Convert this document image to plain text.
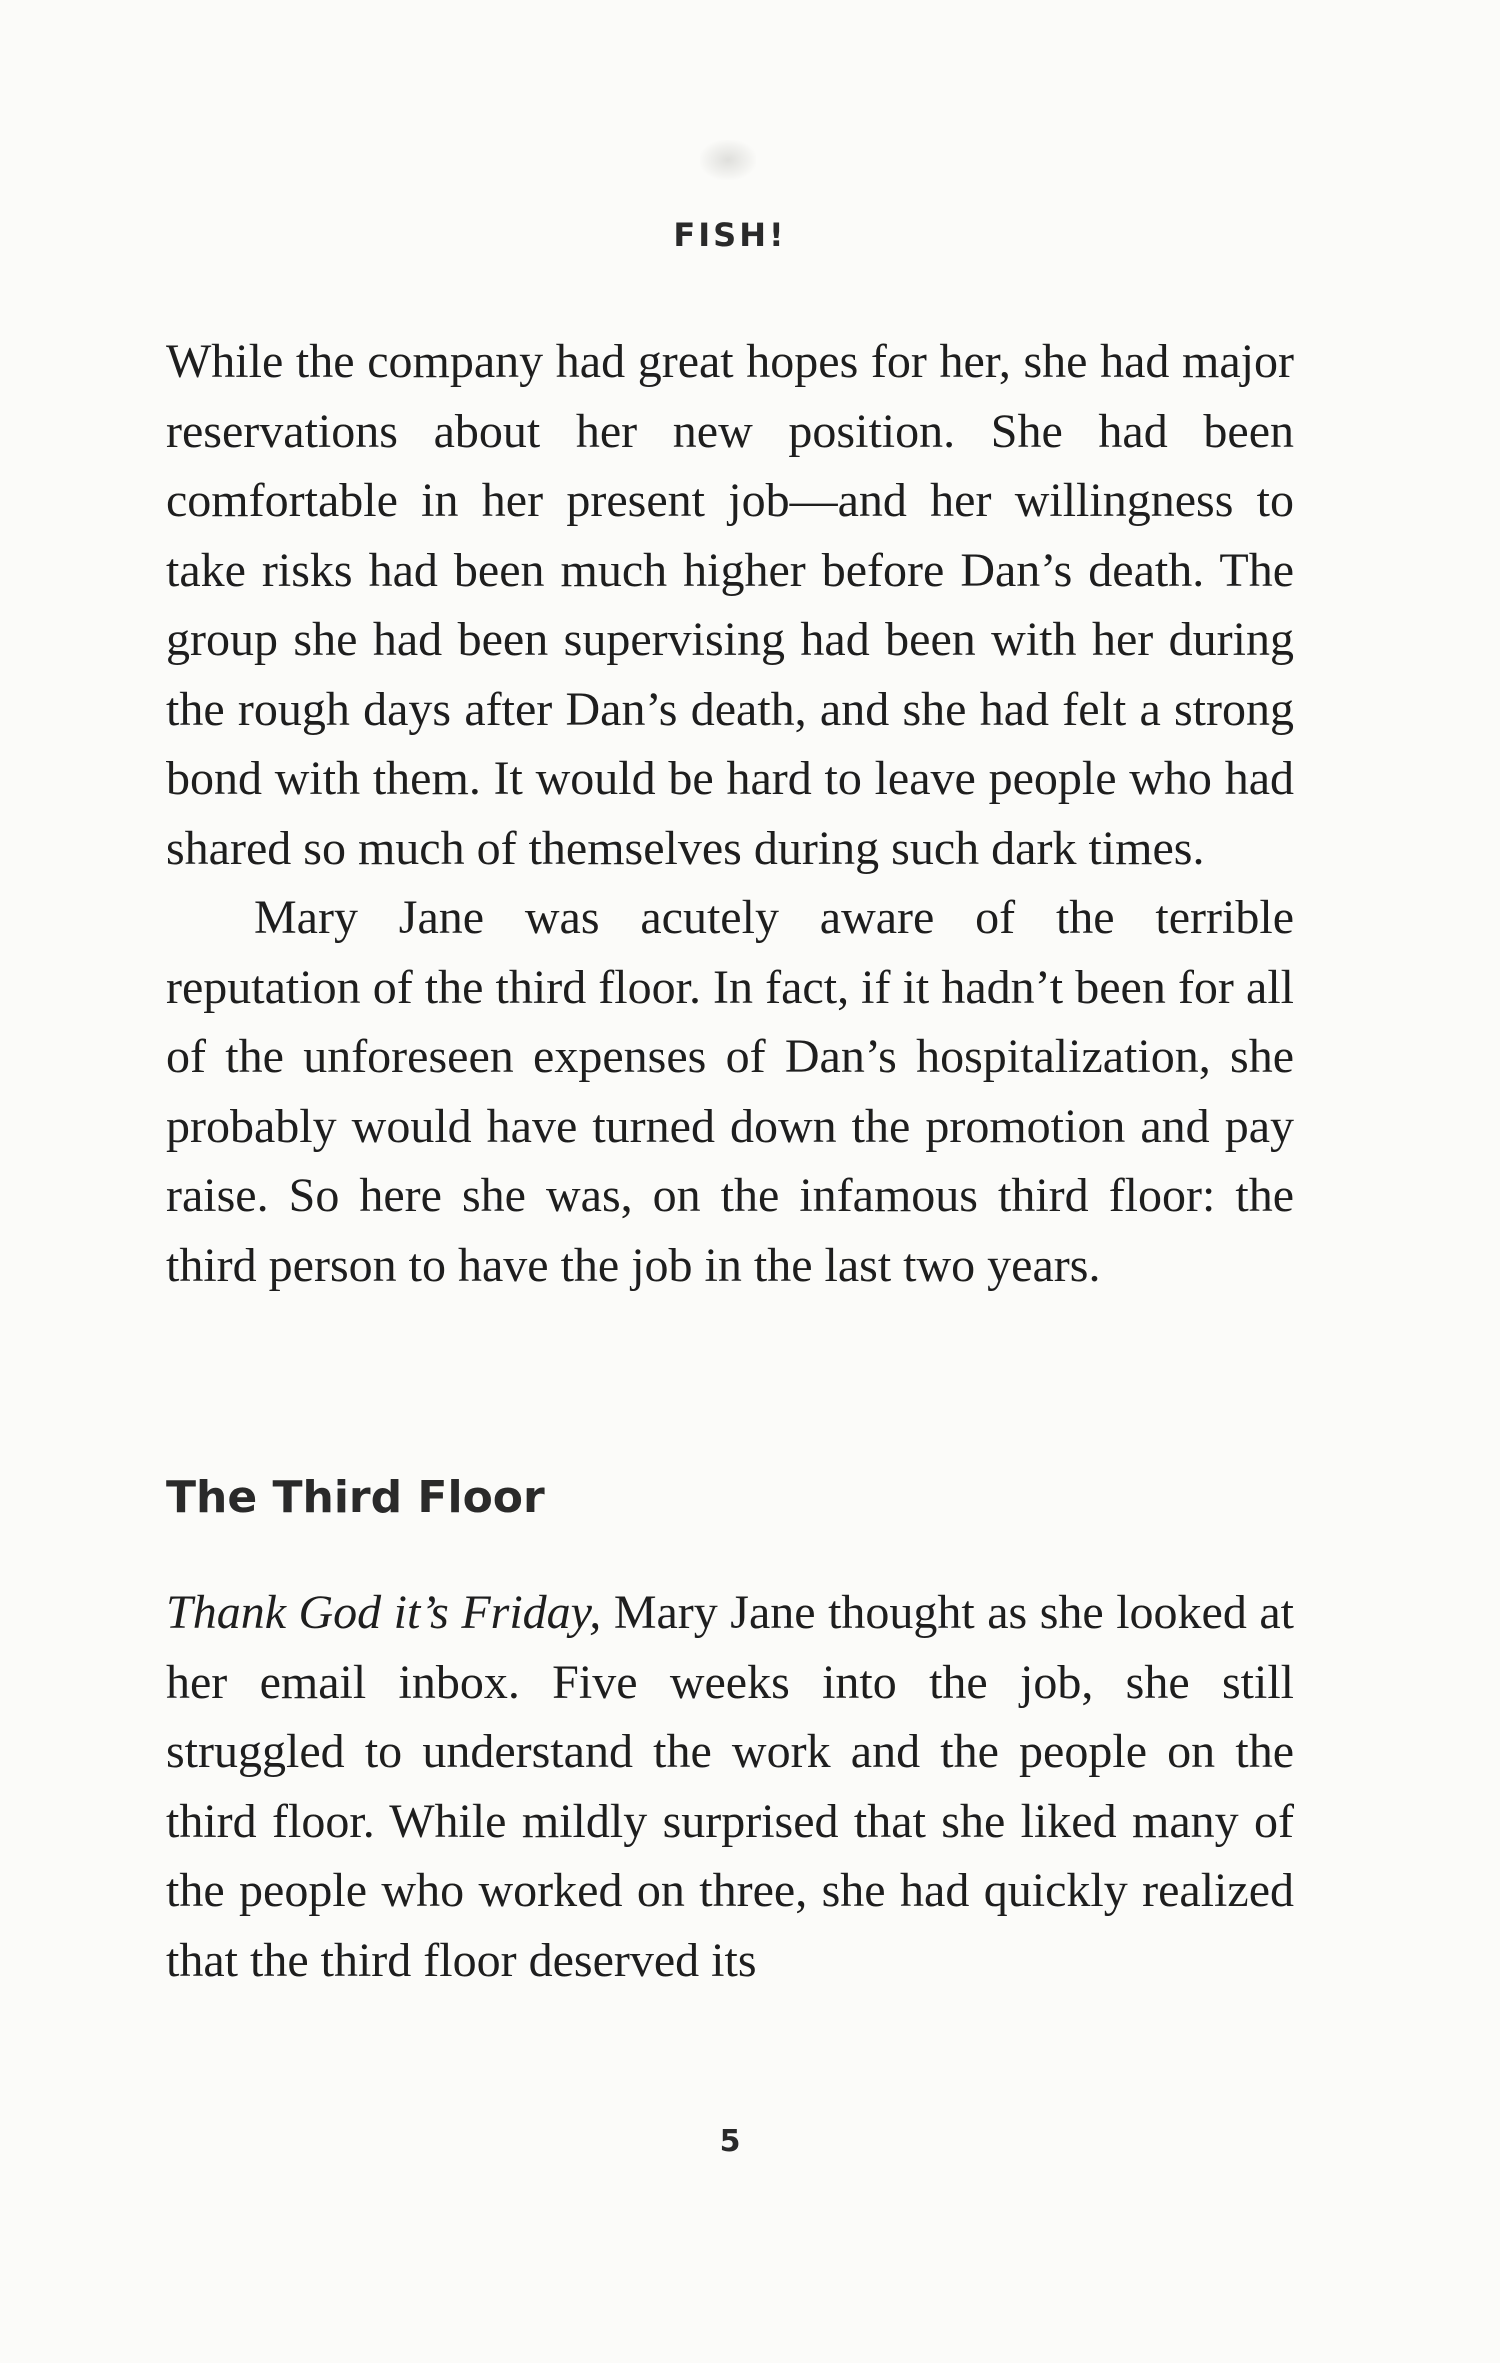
FISH!

While the company had great hopes for her, she had major reservations about her new position. She had been comfortable in her present job—and her willingness to take risks had been much higher before Dan’s death. The group she had been supervising had been with her during the rough days after Dan’s death, and she had felt a strong bond with them. It would be hard to leave people who had shared so much of themselves during such dark times.

Mary Jane was acutely aware of the terrible reputation of the third floor. In fact, if it hadn’t been for all of the unforeseen expenses of Dan’s hospitalization, she probably would have turned down the promotion and pay raise. So here she was, on the infamous third floor: the third person to have the job in the last two years.

The Third Floor

Thank God it’s Friday, Mary Jane thought as she looked at her email inbox. Five weeks into the job, she still struggled to understand the work and the people on the third floor. While mildly surprised that she liked many of the people who worked on three, she had quickly realized that the third floor deserved its

5
